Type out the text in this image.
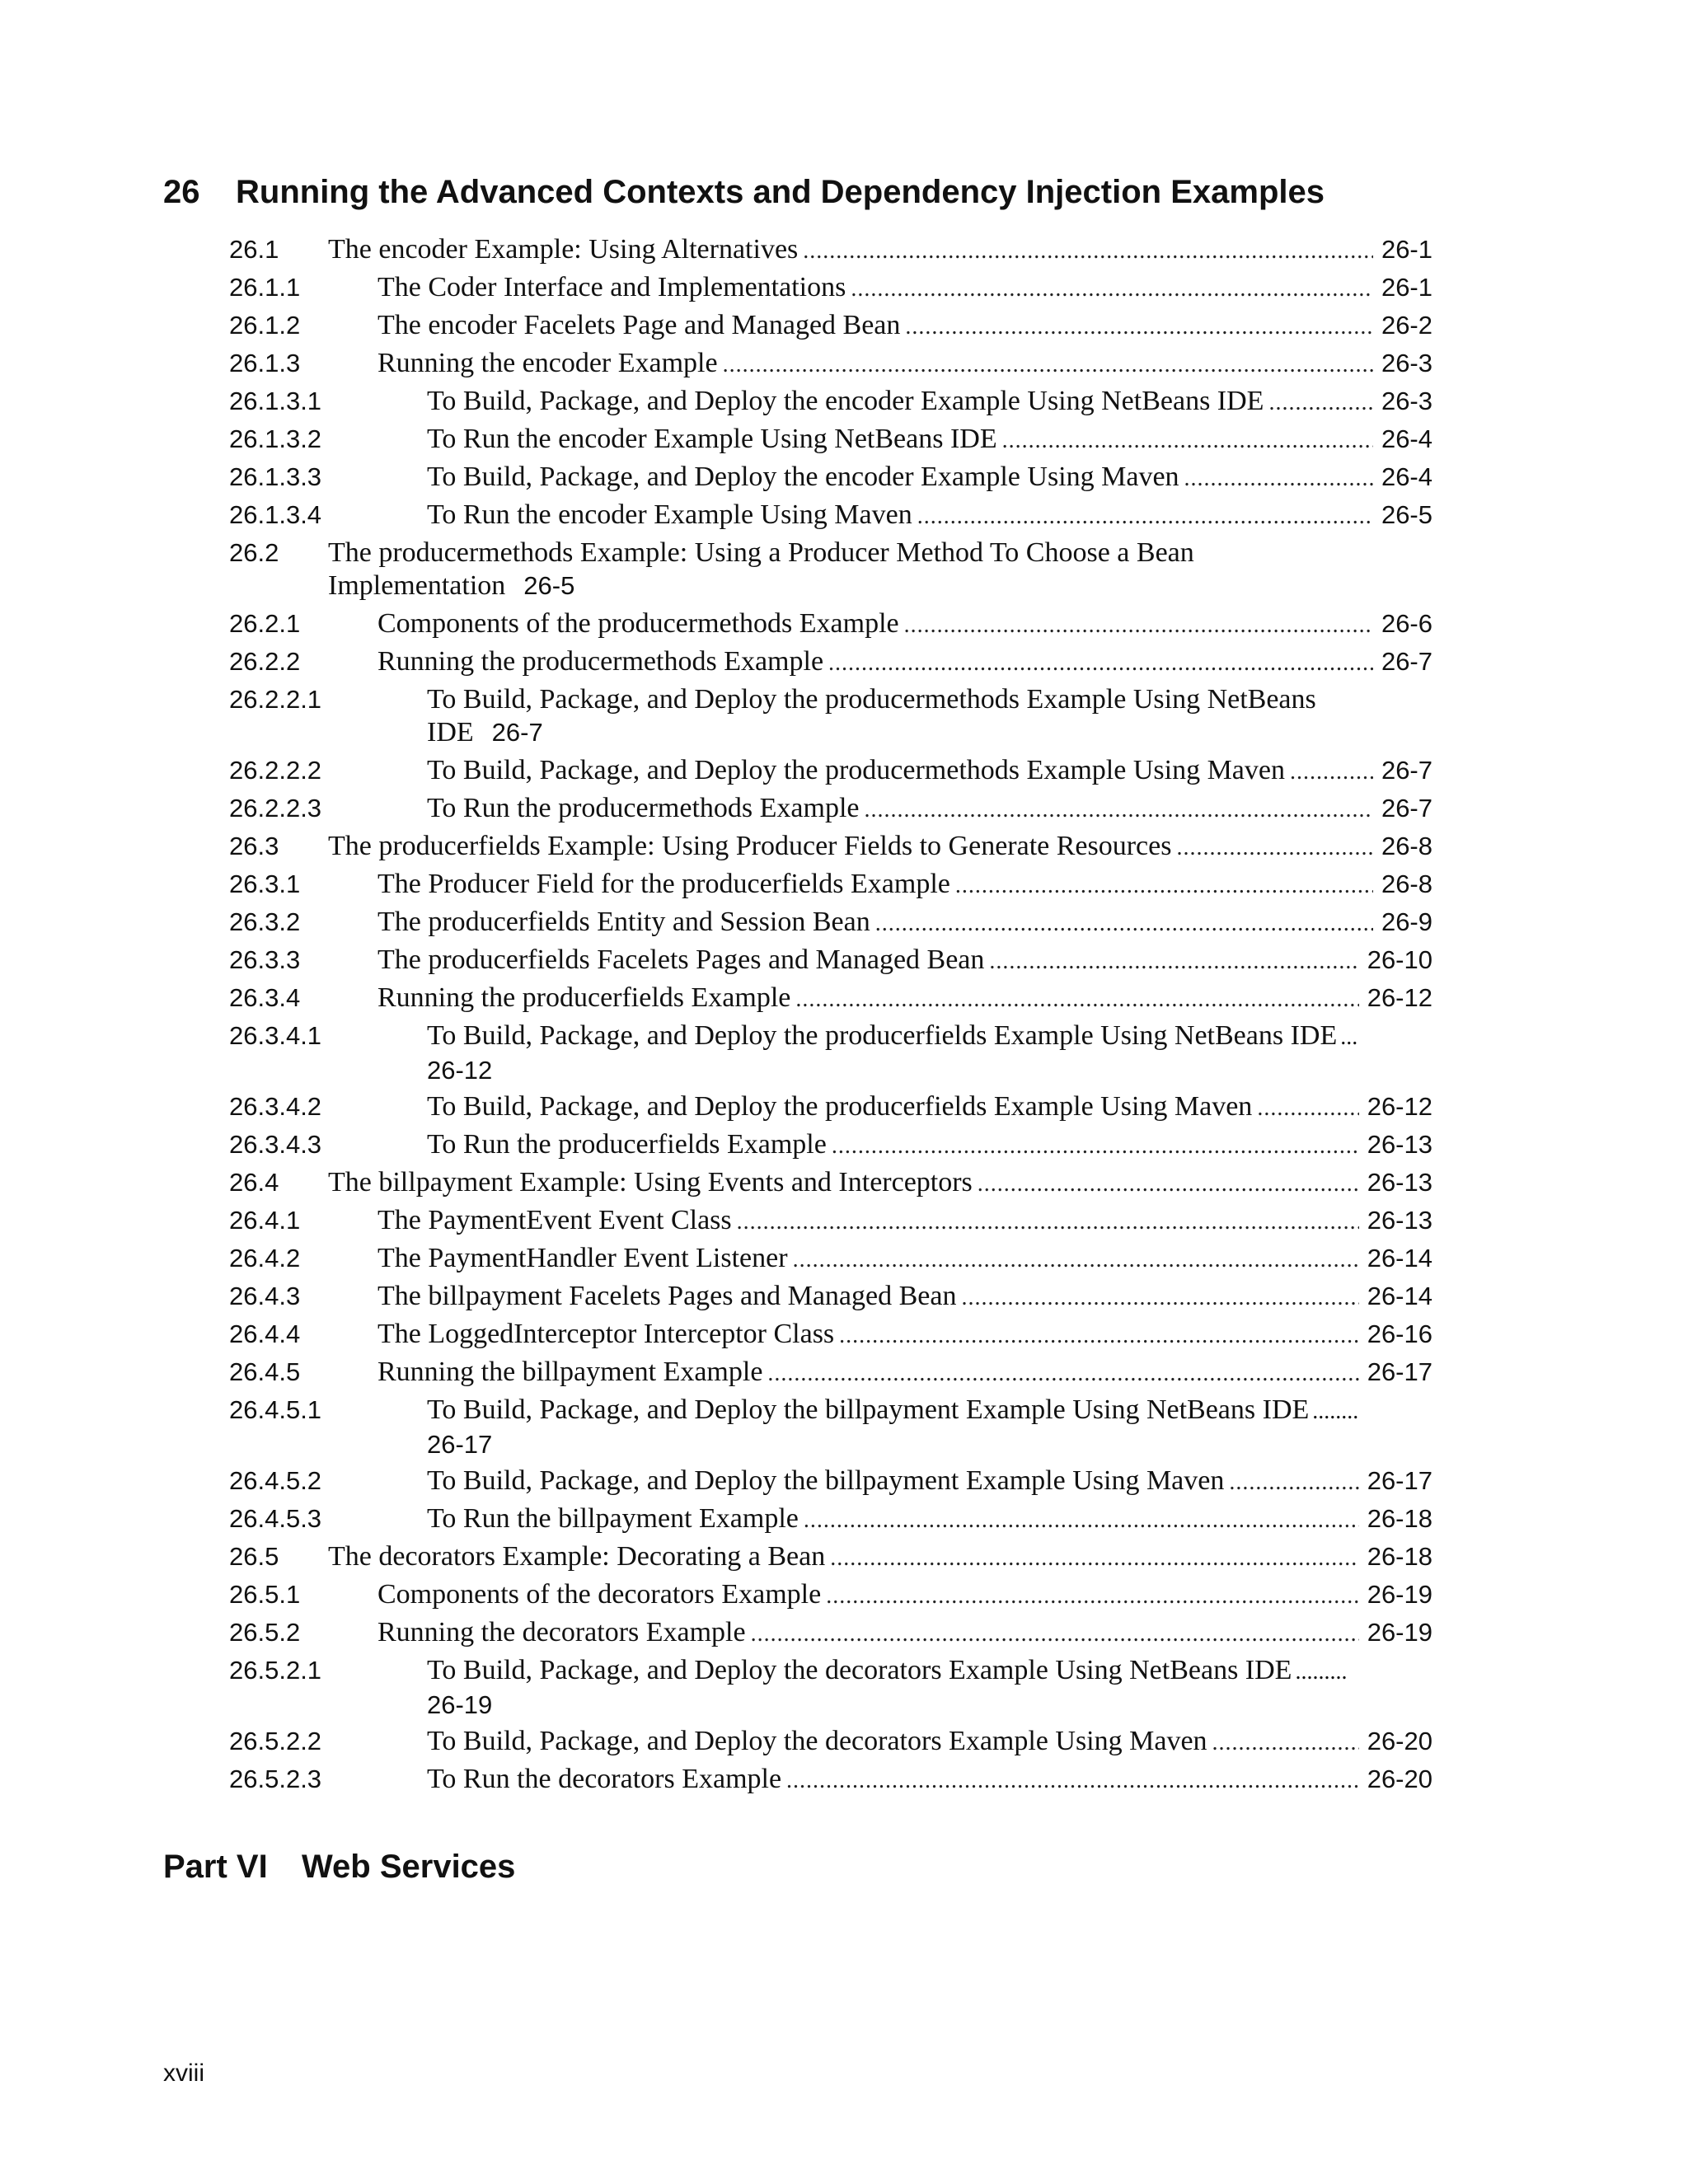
26 Running the Advanced Contexts and Dependency Injection Examples
26.1 The encoder Example: Using Alternatives .....	26-1
26.1.1	The Coder Interface and Implementations .....	26-1
26.1.2	The encoder Facelets Page and Managed Bean .....	26-2
26.1.3	Running the encoder Example .....	26-3
26.1.3.1	To Build, Package, and Deploy the encoder Example Using NetBeans IDE .....	26-3
26.1.3.2	To Run the encoder Example Using NetBeans IDE .....	26-4
26.1.3.3	To Build, Package, and Deploy the encoder Example Using Maven .....	26-4
26.1.3.4	To Run the encoder Example Using Maven .....	26-5
26.2 The producermethods Example: Using a Producer Method To Choose a Bean
Implementation 26-5
26.2.1	Components of the producermethods Example .....	26-6
26.2.2	Running the producermethods Example .....	26-7
26.2.2.1	To Build, Package, and Deploy the producermethods Example Using NetBeans
IDE 26-7
26.2.2.2	To Build, Package, and Deploy the producermethods Example Using Maven .....	26-7
26.2.2.3	To Run the producermethods Example .....	26-7
26.3 The producerfields Example: Using Producer Fields to Generate Resources .....	26-8
26.3.1	The Producer Field for the producerfields Example .....	26-8
26.3.2	The producerfields Entity and Session Bean .....	26-9
26.3.3	The producerfields Facelets Pages and Managed Bean .....	26-10
26.3.4	Running the producerfields Example .....	26-12
26.3.4.1	To Build, Package, and Deploy the producerfields Example Using NetBeans IDE ...
26-12
26.3.4.2	To Build, Package, and Deploy the producerfields Example Using Maven .....	26-12
26.3.4.3	To Run the producerfields Example .....	26-13
26.4 The billpayment Example: Using Events and Interceptors .....	26-13
26.4.1	The PaymentEvent Event Class .....	26-13
26.4.2	The PaymentHandler Event Listener .....	26-14
26.4.3	The billpayment Facelets Pages and Managed Bean .....	26-14
26.4.4	The LoggedInterceptor Interceptor Class .....	26-16
26.4.5	Running the billpayment Example .....	26-17
26.4.5.1	To Build, Package, and Deploy the billpayment Example Using NetBeans IDE ........
26-17
26.4.5.2	To Build, Package, and Deploy the billpayment Example Using Maven .....	26-17
26.4.5.3	To Run the billpayment Example .....	26-18
26.5 The decorators Example: Decorating a Bean .....	26-18
26.5.1	Components of the decorators Example .....	26-19
26.5.2	Running the decorators Example .....	26-19
26.5.2.1	To Build, Package, and Deploy the decorators Example Using NetBeans IDE .........
26-19
26.5.2.2	To Build, Package, and Deploy the decorators Example Using Maven .....	26-20
26.5.2.3	To Run the decorators Example .....	26-20
Part VI Web Services
xviii
